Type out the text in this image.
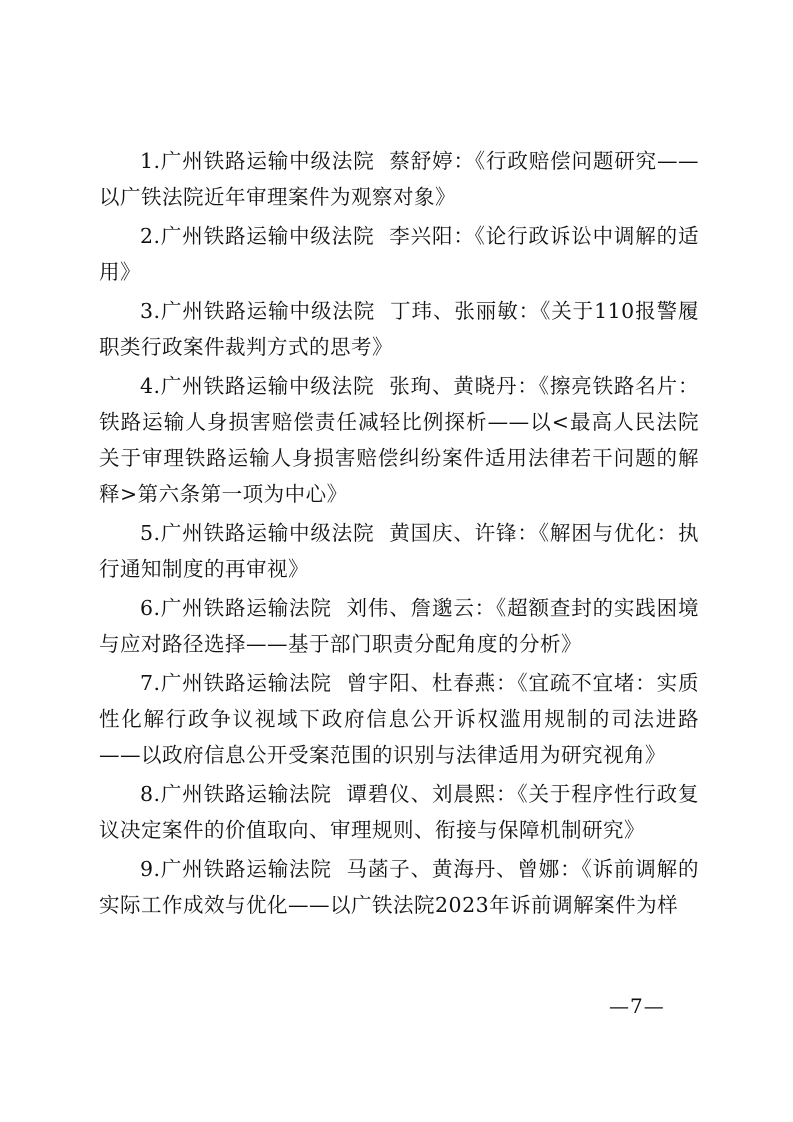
1.广州铁路运输中级法院  蔡舒婷：《行政赔偿问题研究——以广铁法院近年审理案件为观察对象》
2.广州铁路运输中级法院  李兴阳：《论行政诉讼中调解的适用》
3.广州铁路运输中级法院  丁玮、张丽敏：《关于110报警履职类行政案件裁判方式的思考》
4.广州铁路运输中级法院  张珣、黄晓丹：《擦亮铁路名片：铁路运输人身损害赔偿责任减轻比例探析——以<最高人民法院关于审理铁路运输人身损害赔偿纠纷案件适用法律若干问题的解释>第六条第一项为中心》
5.广州铁路运输中级法院  黄国庆、许锋：《解困与优化：执行通知制度的再审视》
6.广州铁路运输法院  刘伟、詹邈云：《超额查封的实践困境与应对路径选择——基于部门职责分配角度的分析》
7.广州铁路运输法院  曾宇阳、杜春燕：《宜疏不宜堵：实质性化解行政争议视域下政府信息公开诉权滥用规制的司法进路——以政府信息公开受案范围的识别与法律适用为研究视角》
8.广州铁路运输法院  谭碧仪、刘晨熙：《关于程序性行政复议决定案件的价值取向、审理规则、衔接与保障机制研究》
9.广州铁路运输法院  马菡子、黄海丹、曾娜：《诉前调解的实际工作成效与优化——以广铁法院2023年诉前调解案件为样
—7—
